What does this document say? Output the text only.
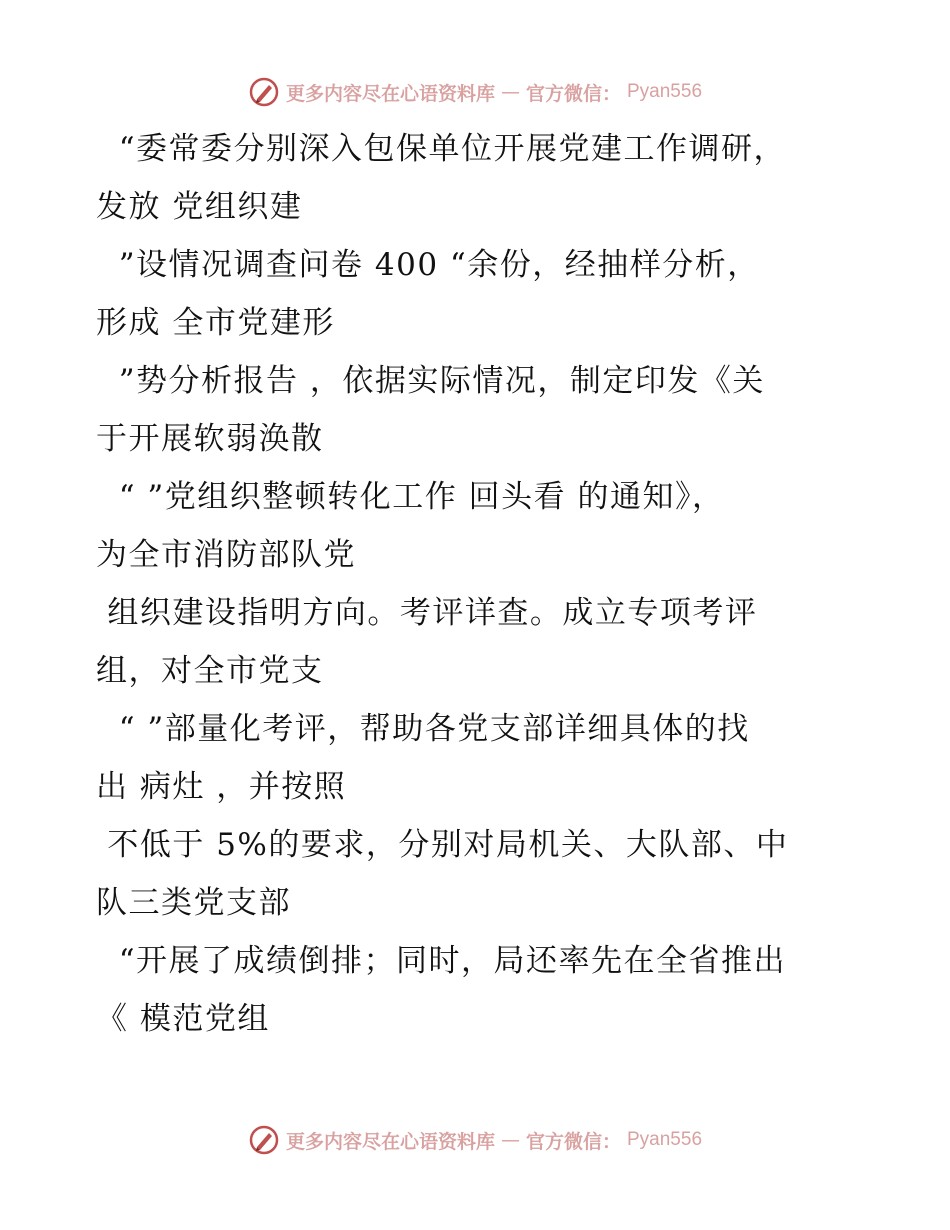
更多内容尽在心语资料库 — 官方微信： Pyan556
“委常委分别深入包保单位开展党建工作调研，
发放 党组织建
”设情况调查问卷 400 “余份，经抽样分析，
形成 全市党建形
”势分析报告 ，依据实际情况，制定印发《关
于开展软弱涣散
“ ”党组织整顿转化工作 回头看 的通知》，
为全市消防部队党
组织建设指明方向。考评详查。成立专项考评
组，对全市党支
“ ”部量化考评，帮助各党支部详细具体的找
出 病灶 ，并按照
不低于 5%的要求，分别对局机关、大队部、中
队三类党支部
“开展了成绩倒排；同时，局还率先在全省推出
《 模范党组
更多内容尽在心语资料库 — 官方微信： Pyan556
